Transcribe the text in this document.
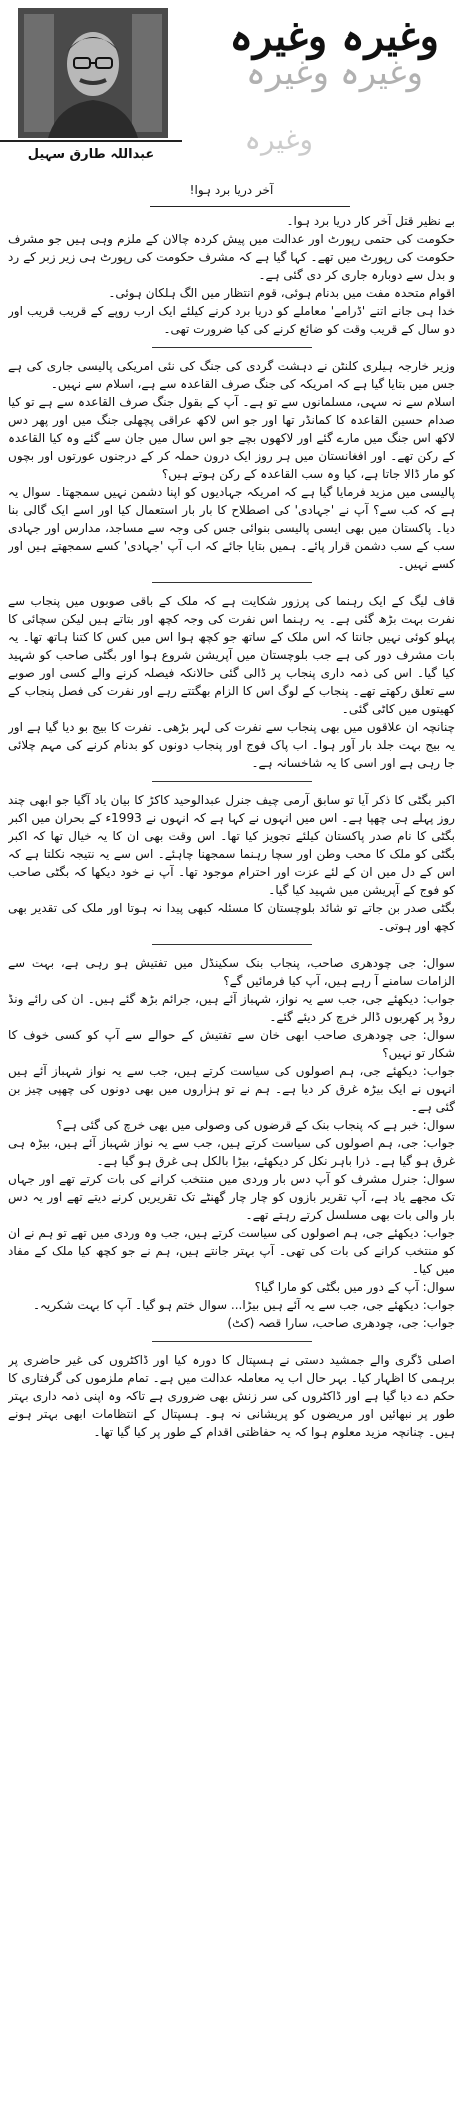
وغیرہ وغیرہ
وغیرہ وغیرہ
وغیرہ
عبداللہ طارق سہیل
آخر دریا برد ہوا!

بے نظیر قتل آخر کار دریا برد ہوا۔

حکومت کی حتمی رپورٹ اور عدالت میں پیش کردہ چالان کے ملزم وہی ہیں جو مشرف حکومت کی رپورٹ میں تھے۔ کہا گیا ہے کہ مشرف حکومت کی رپورٹ ہی زیر زبر کے رد و بدل سے دوبارہ جاری کر دی گئی ہے۔

اقوام متحدہ مفت میں بدنام ہوئی، قوم انتظار میں الگ ہلکان ہوئی۔

خدا ہی جانے اتنے 'ڈرامے' معاملے کو دریا برد کرنے کیلئے ایک ارب روپے کے قریب قریب اور دو سال کے قریب وقت کو ضائع کرنے کی کیا ضرورت تھی۔

وزیر خارجہ ہیلری کلنٹن نے دہشت گردی کی جنگ کی نئی امریکی پالیسی جاری کی ہے جس میں بتایا گیا ہے کہ امریکہ کی جنگ صرف القاعدہ سے ہے، اسلام سے نہیں۔

اسلام سے نہ سہی، مسلمانوں سے تو ہے۔ آپ کے بقول جنگ صرف القاعدہ سے ہے تو کیا صدام حسین القاعدہ کا کمانڈر تھا اور جو اس لاکھ عراقی پچھلی جنگ میں اور پھر دس لاکھ اس جنگ میں مارے گئے اور لاکھوں بچے جو اس سال میں جان سے گئے وہ کیا القاعدہ کے رکن تھے۔ اور افغانستان میں ہر روز ایک درون حملہ کر کے درجنوں عورتوں اور بچوں کو مار ڈالا جاتا ہے، کیا وہ سب القاعدہ کے رکن ہوتے ہیں؟

پالیسی میں مزید فرمایا گیا ہے کہ امریکہ جہادیوں کو اپنا دشمن نہیں سمجھتا۔ سوال یہ ہے کہ کب سے؟ آپ نے 'جہادی' کی اصطلاح کا بار بار استعمال کیا اور اسے ایک گالی بنا دیا۔ پاکستان میں بھی ایسی پالیسی بنوائی جس کی وجہ سے مساجد، مدارس اور جہادی سب کے سب دشمن قرار پائے۔ ہمیں بتایا جائے کہ اب آپ 'جہادی' کسے سمجھتے ہیں اور کسے نہیں۔

قاف لیگ کے ایک رہنما کی پرزور شکایت ہے کہ ملک کے باقی صوبوں میں پنجاب سے نفرت بہت بڑھ گئی ہے۔ یہ رہنما اس نفرت کی وجہ کچھ اور بتاتے ہیں لیکن سچائی کا پہلو کوئی نہیں جانتا کہ اس ملک کے ساتھ جو کچھ ہوا اس میں کس کا کتنا ہاتھ تھا۔ یہ بات مشرف دور کی ہے جب بلوچستان میں آپریشن شروع ہوا اور بگٹی صاحب کو شہید کیا گیا۔ اس کی ذمہ داری پنجاب پر ڈالی گئی حالانکہ فیصلہ کرنے والے کسی اور صوبے سے تعلق رکھتے تھے۔ پنجاب کے لوگ اس کا الزام بھگتتے رہے اور نفرت کی فصل پنجاب کے کھیتوں میں کاٹی گئی۔

چنانچہ ان علاقوں میں بھی پنجاب سے نفرت کی لہر بڑھی۔ نفرت کا بیج بو دیا گیا ہے اور یہ بیج بہت جلد بار آور ہوا۔ اب پاک فوج اور پنجاب دونوں کو بدنام کرنے کی مہم چلائی جا رہی ہے اور اسی کا یہ شاخسانہ ہے۔

اکبر بگٹی کا ذکر آیا تو سابق آرمی چیف جنرل عبدالوحید کاکڑ کا بیان یاد آگیا جو ابھی چند روز پہلے ہی چھپا ہے۔ اس میں انہوں نے کہا ہے کہ انہوں نے 1993ء کے بحران میں اکبر بگٹی کا نام صدر پاکستان کیلئے تجویز کیا تھا۔ اس وقت بھی ان کا یہ خیال تھا کہ اکبر بگٹی کو ملک کا محب وطن اور سچا رہنما سمجھنا چاہئے۔ اس سے یہ نتیجہ نکلتا ہے کہ اس کے دل میں ان کے لئے عزت اور احترام موجود تھا۔ آپ نے خود دیکھا کہ بگٹی صاحب کو فوج کے آپریشن میں شہید کیا گیا۔

بگٹی صدر بن جاتے تو شائد بلوچستان کا مسئلہ کبھی پیدا نہ ہوتا اور ملک کی تقدیر بھی کچھ اور ہوتی۔

سوال: جی چودھری صاحب، پنجاب بنک سکینڈل میں تفتیش ہو رہی ہے، بہت سے الزامات سامنے آ رہے ہیں، آپ کیا فرمائیں گے؟

جواب: دیکھئے جی، جب سے یہ نواز، شہباز آئے ہیں، جرائم بڑھ گئے ہیں۔ ان کی رائے ونڈ روڈ پر کھربوں ڈالر خرچ کر دیئے گئے۔

سوال: جی چودھری صاحب ابھی خان سے تفتیش کے حوالے سے آپ کو کسی خوف کا شکار تو نہیں؟

جواب: دیکھئے جی، ہم اصولوں کی سیاست کرتے ہیں، جب سے یہ نواز شہباز آئے ہیں انہوں نے ایک بیڑہ غرق کر دیا ہے۔ ہم نے تو ہزاروں میں بھی دونوں کی چھپی چیز بن گئی ہے۔

سوال: خبر ہے کہ پنجاب بنک کے قرضوں کی وصولی میں بھی خرچ کی گئی ہے؟

جواب: جی، ہم اصولوں کی سیاست کرتے ہیں، جب سے یہ نواز شہباز آئے ہیں، بیڑہ ہی غرق ہو گیا ہے۔ ذرا باہر نکل کر دیکھئے، بیڑا بالکل ہی غرق ہو گیا ہے۔

سوال: جنرل مشرف کو آپ دس بار وردی میں منتخب کرانے کی بات کرتے تھے اور جہاں تک مجھے یاد ہے، آپ تقریر بازوں کو چار چار گھنٹے تک تقریریں کرنے دیتے تھے اور یہ دس بار والی بات بھی مسلسل کرتے رہتے تھے۔

جواب: دیکھئے جی، ہم اصولوں کی سیاست کرتے ہیں، جب وہ وردی میں تھے تو ہم نے ان کو منتخب کرانے کی بات کی تھی۔ آپ بہتر جانتے ہیں، ہم نے جو کچھ کیا ملک کے مفاد میں کیا۔

سوال: آپ کے دور میں بگٹی کو مارا گیا؟

جواب: دیکھئے جی، جب سے یہ آئے ہیں بیڑا... سوال ختم ہو گیا۔ آپ کا بہت شکریہ۔

جواب: جی، چودھری صاحب، سارا قصہ (کٹ)

اصلی ڈگری والے جمشید دستی نے ہسپتال کا دورہ کیا اور ڈاکٹروں کی غیر حاضری پر برہمی کا اظہار کیا۔ بہر حال اب یہ معاملہ عدالت میں ہے۔ تمام ملزموں کی گرفتاری کا حکم دے دیا گیا ہے اور ڈاکٹروں کی سر زنش بھی ضروری ہے تاکہ وہ اپنی ذمہ داری بہتر طور پر نبھائیں اور مریضوں کو پریشانی نہ ہو۔ ہسپتال کے انتظامات ابھی بہتر ہونے ہیں۔ چنانچہ مزید معلوم ہوا کہ یہ حفاظتی اقدام کے طور پر کیا گیا تھا۔
